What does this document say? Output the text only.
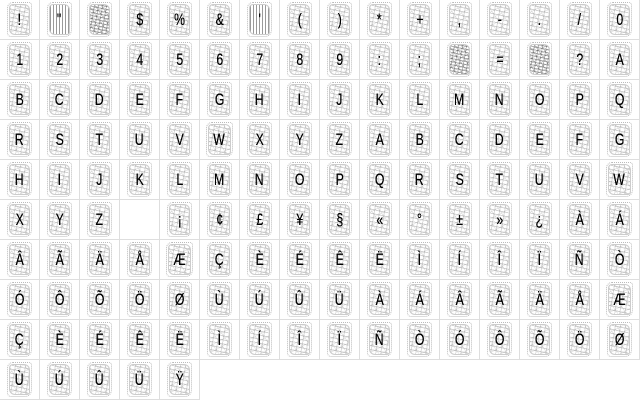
! "	$ % & ' ( ) * + , - . / 0
1 2 3 4 5 6 7 8 9 : ;	=	? A
B C D E F G H I J K L M N O P Q
R S T U V W X Y Z A B C D E F G
H I J K L M N O P Q R S T U V W
X Y Z	¡ ¢ £ ¥ § « ° ± » ¿ À Á
Â Ã Ä Å Æ Ç È É Ê Ë Ì Í Î Ï Ñ Ò
Ó Ô Õ Ö Ø Ù Ú Û Ü À Á Â Ã Ä Å Æ
Ç È É Ê Ë Ì Í Î Ï Ñ Ò Ó Ô Õ Ö Ø
Ù Ú Û Ü Ÿ
